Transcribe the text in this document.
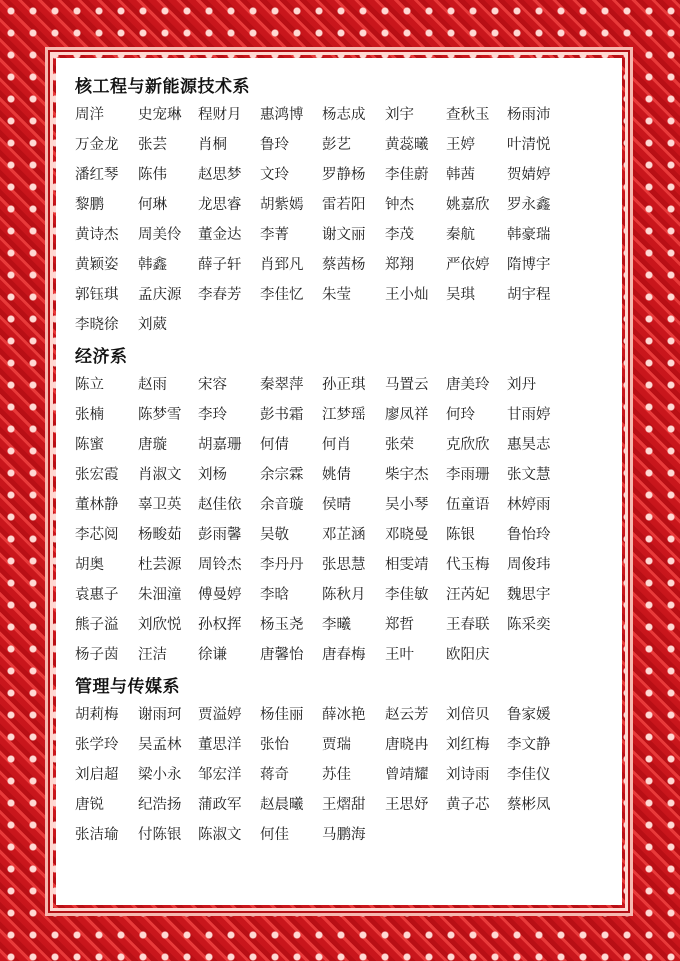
核工程与新能源技术系
周洋 史宠琳 程财月 惠鸿博 杨志成 刘宇 查秋玉 杨雨沛
万金龙 张芸 肖桐 鲁玲 彭艺 黄蕊曦 王婷 叶清悦
潘红琴 陈伟 赵思梦 文玲 罗静杨 李佳蔚 韩茜 贺婧婷
黎鹏 何琳 龙思睿 胡紫嫣 雷若阳 钟杰 姚嘉欣 罗永鑫
黄诗杰 周美伶 董金达 李菁 谢文丽 李茂 秦航 韩豪瑞
黄颖姿 韩鑫 薛子轩 肖郅凡 蔡茜杨 郑翔 严依婷 隋博宇
郭钰琪 孟庆源 李春芳 李佳忆 朱莹 王小灿 吴琪 胡宇程
李晓徐 刘葳
经济系
陈立 赵雨 宋容 秦翠萍 孙正琪 马置云 唐美玲 刘丹
张楠 陈梦雪 李玲 彭书霜 江梦瑶 廖凤祥 何玲 甘雨婷
陈蜜 唐璇 胡嘉珊 何倩 何肖 张荣 克欣欣 惠昊志
张宏霞 肖淑文 刘杨 余宗霖 姚倩 柴宇杰 李雨珊 张文慧
董林静 辜卫英 赵佳依 余音璇 侯晴 吴小琴 伍童语 林婷雨
李芯阅 杨畯茹 彭雨馨 吴敬 邓芷涵 邓晓曼 陈银 鲁怡玲
胡奥 杜芸源 周铃杰 李丹丹 张思慧 相雯靖 代玉梅 周俊玮
袁惠子 朱沺潼 傅曼婷 李晗 陈秋月 李佳敏 汪芮妃 魏思宇
熊子溢 刘欣悦 孙权挥 杨玉尧 李曦 郑哲 王春联 陈采奕
杨子茵 汪洁 徐谦 唐馨怡 唐春梅 王叶 欧阳庆
管理与传媒系
胡莉梅 谢雨珂 贾溢婷 杨佳丽 薛冰艳 赵云芳 刘倍贝 鲁家媛
张学玲 吴孟林 董思洋 张怡 贾瑞 唐晓冉 刘红梅 李文静
刘启超 梁小永 邹宏洋 蒋奇 苏佳 曾靖耀 刘诗雨 李佳仪
唐锐 纪浩扬 蒲政军 赵晨曦 王熠甜 王思妤 黄子芯 蔡彬凤
张洁瑜 付陈银 陈淑文 何佳 马鹏海
